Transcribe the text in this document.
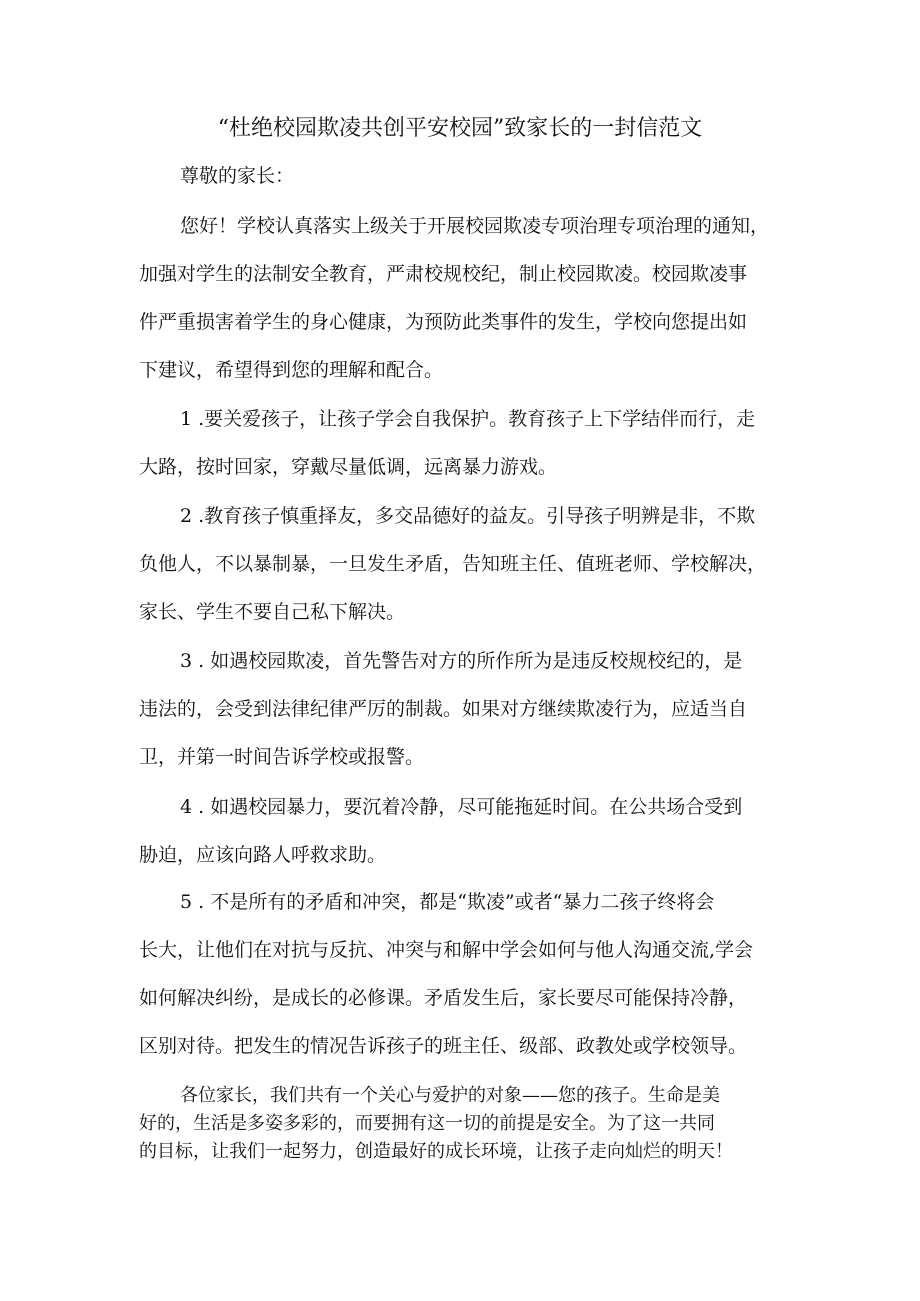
“杜绝校园欺凌共创平安校园”致家长的一封信范文
尊敬的家长：
您好！学校认真落实上级关于开展校园欺凌专项治理专项治理的通知，
加强对学生的法制安全教育，严肃校规校纪，制止校园欺凌。校园欺凌事
件严重损害着学生的身心健康，为预防此类事件的发生，学校向您提出如
下建议，希望得到您的理解和配合。
1 .要关爱孩子，让孩子学会自我保护。教育孩子上下学结伴而行，走
大路，按时回家，穿戴尽量低调，远离暴力游戏。
2 .教育孩子慎重择友，多交品德好的益友。引导孩子明辨是非，不欺
负他人，不以暴制暴，一旦发生矛盾，告知班主任、值班老师、学校解决，
家长、学生不要自己私下解决。
3 . 如遇校园欺凌，首先警告对方的所作所为是违反校规校纪的，是
违法的，会受到法律纪律严厉的制裁。如果对方继续欺凌行为，应适当自
卫，并第一时间告诉学校或报警。
4 . 如遇校园暴力，要沉着冷静，尽可能拖延时间。在公共场合受到
胁迫，应该向路人呼救求助。
5 . 不是所有的矛盾和冲突，都是“欺凌”或者“暴力二孩子终将会
长大，让他们在对抗与反抗、冲突与和解中学会如何与他人沟通交流,学会
如何解决纠纷，是成长的必修课。矛盾发生后，家长要尽可能保持冷静，
区别对待。把发生的情况告诉孩子的班主任、级部、政教处或学校领导。
各位家长，我们共有一个关心与爱护的对象——您的孩子。生命是美
好的，生活是多姿多彩的，而要拥有这一切的前提是安全。为了这一共同
的目标，让我们一起努力，创造最好的成长环境，让孩子走向灿烂的明天！
